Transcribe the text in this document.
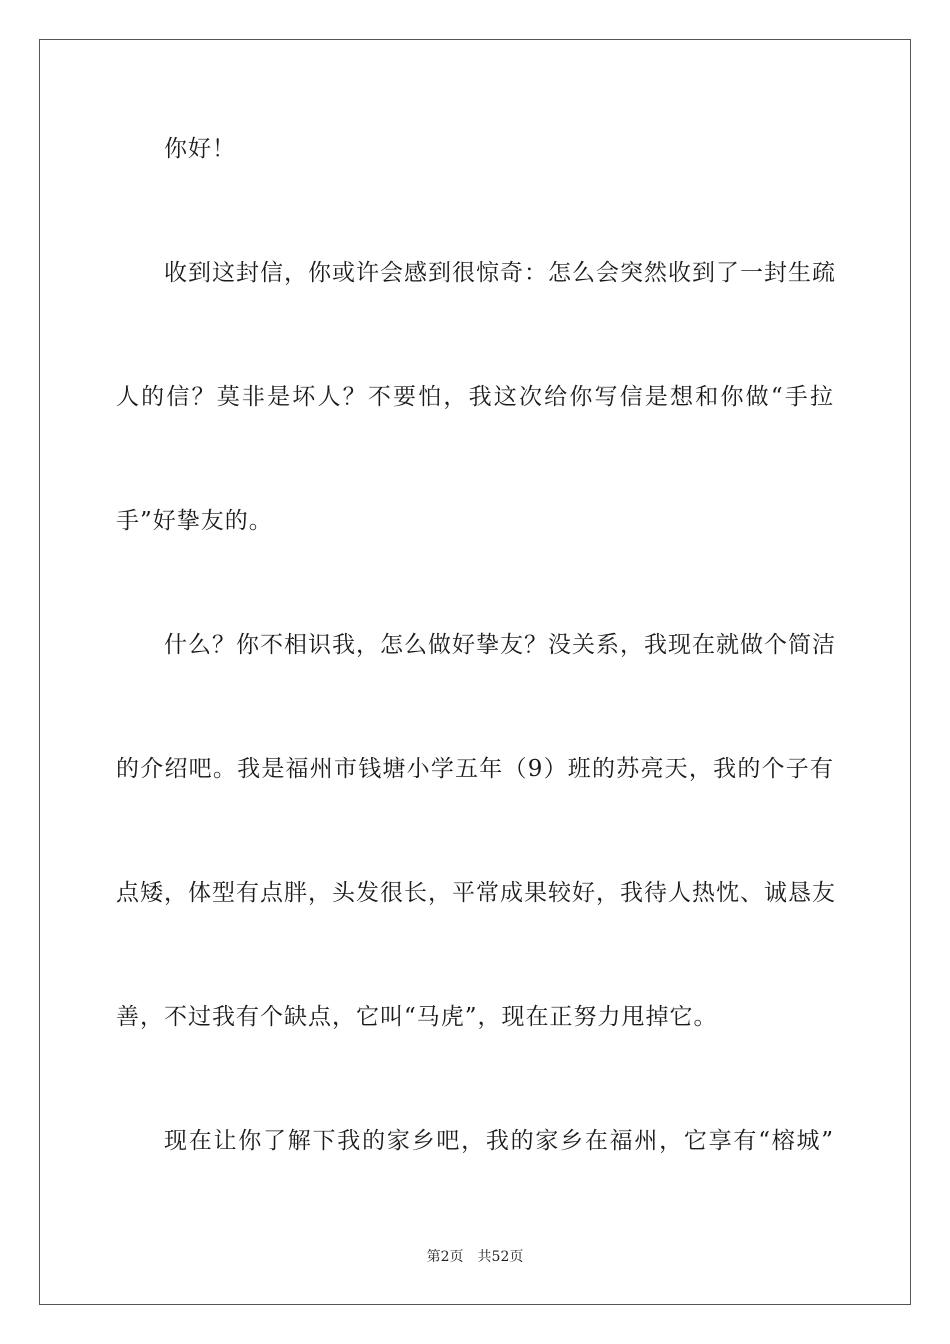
你好！
收到这封信，你或许会感到很惊奇：怎么会突然收到了一封生疏
人的信？莫非是坏人？不要怕，我这次给你写信是想和你做“手拉
手”好挚友的。
什么？你不相识我，怎么做好挚友？没关系，我现在就做个简洁
的介绍吧。我是福州市钱塘小学五年（9）班的苏亮天，我的个子有
点矮，体型有点胖，头发很长，平常成果较好，我待人热忱、诚恳友
善，不过我有个缺点，它叫“马虎”，现在正努力甩掉它。
现在让你了解下我的家乡吧，我的家乡在福州，它享有“榕城”
第2页 共52页
